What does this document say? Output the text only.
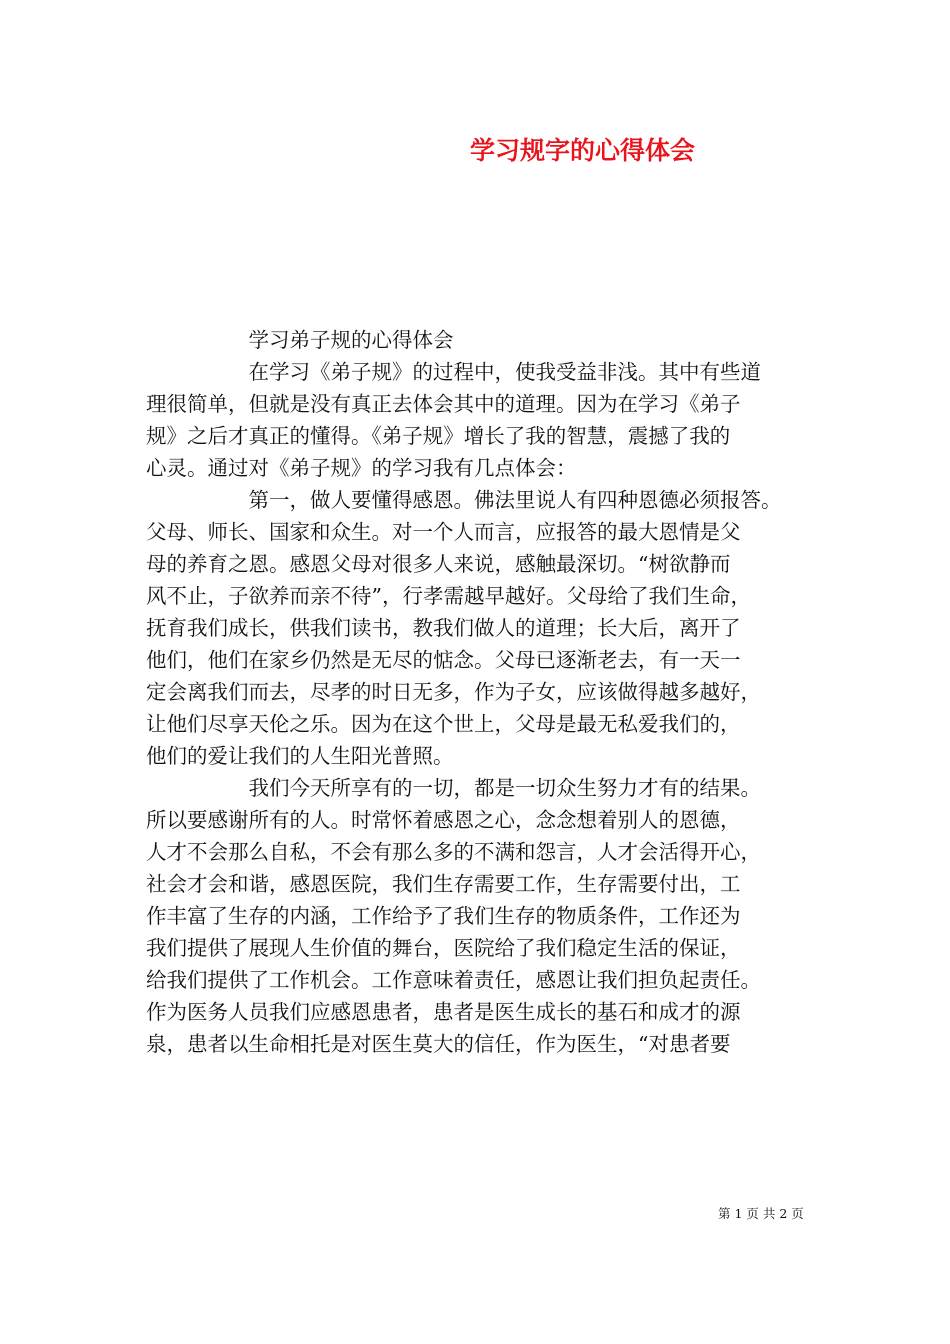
学习规字的心得体会
　　　　　学习弟子规的心得体会
　　　　　在学习《弟子规》的过程中，使我受益非浅。其中有些道
理很简单，但就是没有真正去体会其中的道理。因为在学习《弟子
规》之后才真正的懂得。《弟子规》增长了我的智慧，震撼了我的
心灵。通过对《弟子规》的学习我有几点体会：
　　　　　第一，做人要懂得感恩。佛法里说人有四种恩德必须报答。
父母、师长、国家和众生。对一个人而言，应报答的最大恩情是父
母的养育之恩。感恩父母对很多人来说，感触最深切。“树欲静而
风不止，子欲养而亲不待”，行孝需越早越好。父母给了我们生命，
抚育我们成长，供我们读书，教我们做人的道理；长大后，离开了
他们，他们在家乡仍然是无尽的惦念。父母已逐渐老去，有一天一
定会离我们而去，尽孝的时日无多，作为子女，应该做得越多越好，
让他们尽享天伦之乐。因为在这个世上，父母是最无私爱我们的，
他们的爱让我们的人生阳光普照。
　　　　　我们今天所享有的一切，都是一切众生努力才有的结果。
所以要感谢所有的人。时常怀着感恩之心，念念想着别人的恩德，
人才不会那么自私，不会有那么多的不满和怨言，人才会活得开心，
社会才会和谐，感恩医院，我们生存需要工作，生存需要付出，工
作丰富了生存的内涵，工作给予了我们生存的物质条件，工作还为
我们提供了展现人生价值的舞台，医院给了我们稳定生活的保证，
给我们提供了工作机会。工作意味着责任，感恩让我们担负起责任。
作为医务人员我们应感恩患者，患者是医生成长的基石和成才的源
泉，患者以生命相托是对医生莫大的信任，作为医生，“对患者要
第 1 页 共 2 页
